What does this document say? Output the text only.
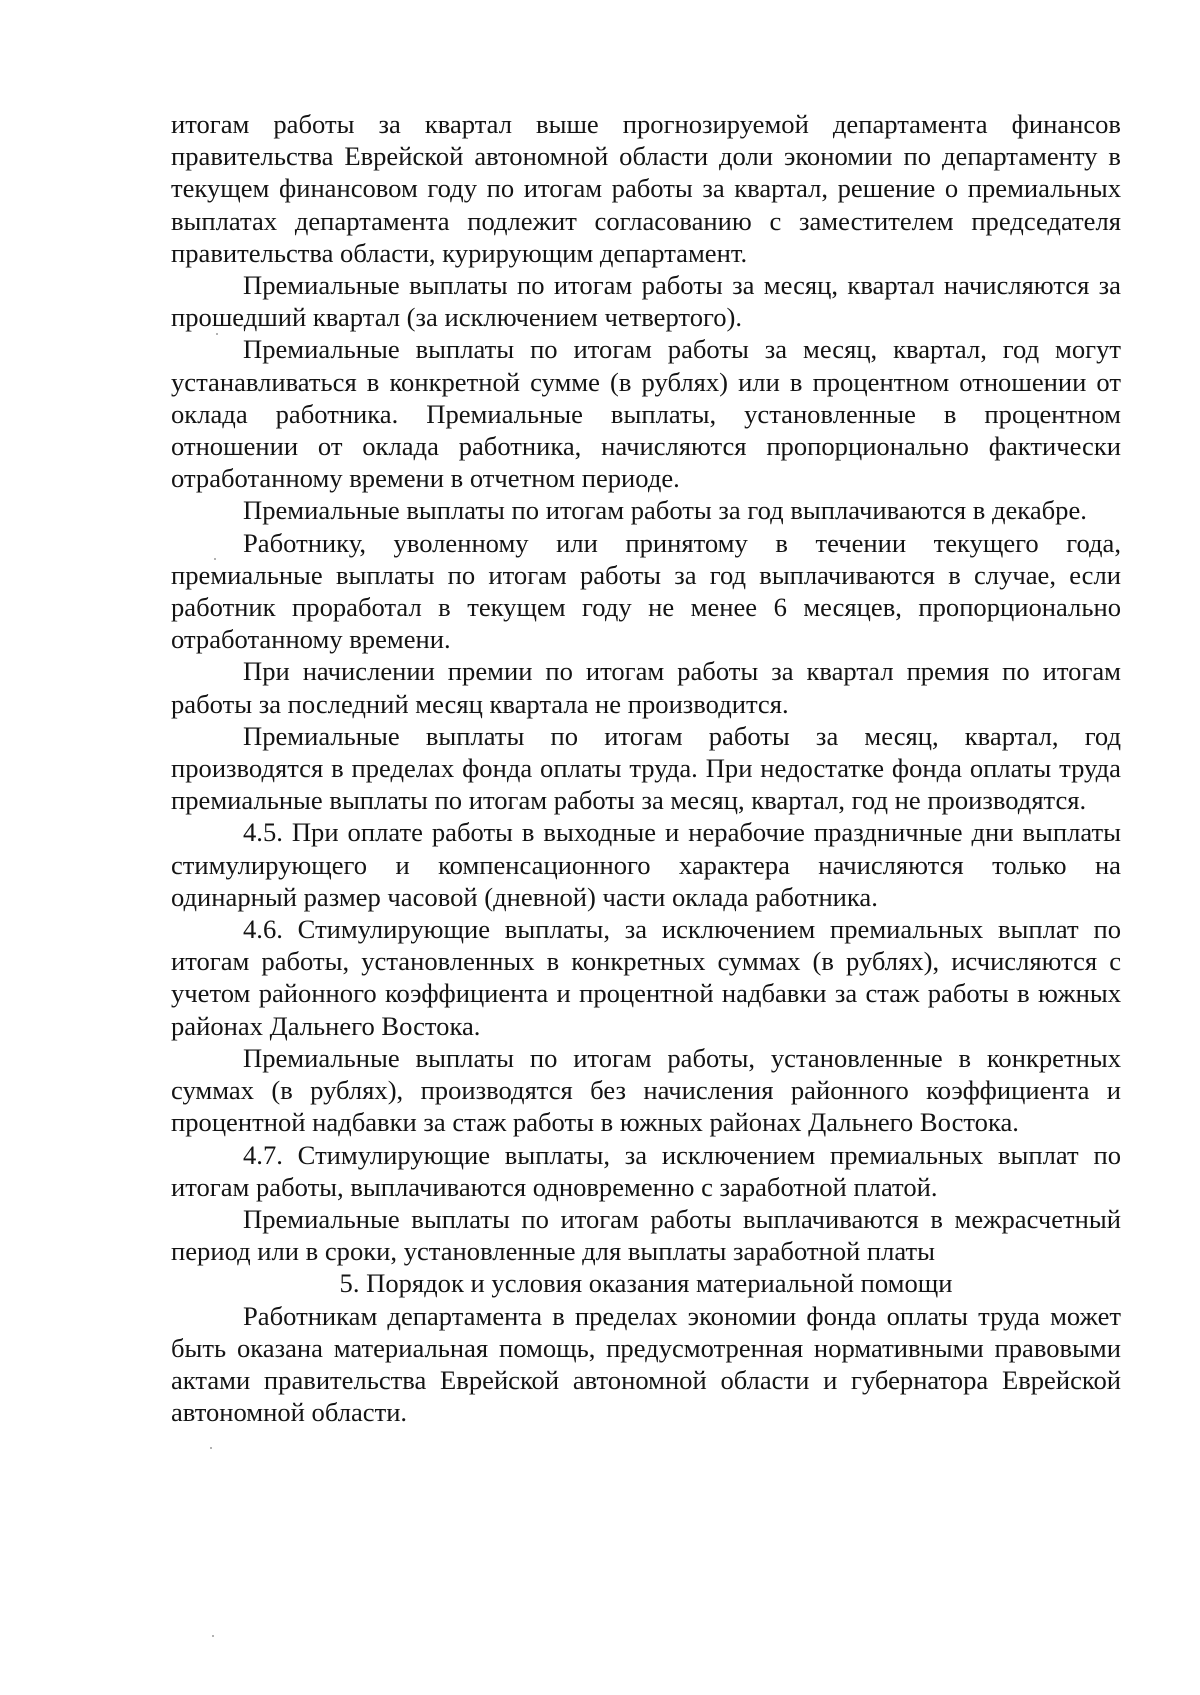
итогам работы за квартал выше прогнозируемой департамента финансов правительства Еврейской автономной области доли экономии по департаменту в текущем финансовом году по итогам работы за квартал, решение о премиальных выплатах департамента подлежит согласованию с заместителем председателя правительства области, курирующим департамент.

Премиальные выплаты по итогам работы за месяц, квартал начисляются за прошедший квартал (за исключением четвертого).

Премиальные выплаты по итогам работы за месяц, квартал, год могут устанавливаться в конкретной сумме (в рублях) или в процентном отношении от оклада работника. Премиальные выплаты, установленные в процентном отношении от оклада работника, начисляются пропорционально фактически отработанному времени в отчетном периоде.

Премиальные выплаты по итогам работы за год выплачиваются в декабре.

Работнику, уволенному или принятому в течении текущего года, премиальные выплаты по итогам работы за год выплачиваются в случае, если работник проработал в текущем году не менее 6 месяцев, пропорционально отработанному времени.

При начислении премии по итогам работы за квартал премия по итогам работы за последний месяц квартала не производится.

Премиальные выплаты по итогам работы за месяц, квартал, год производятся в пределах фонда оплаты труда. При недостатке фонда оплаты труда премиальные выплаты по итогам работы за месяц, квартал, год не производятся.

4.5. При оплате работы в выходные и нерабочие праздничные дни выплаты стимулирующего и компенсационного характера начисляются только на одинарный размер часовой (дневной) части оклада работника.

4.6. Стимулирующие выплаты, за исключением премиальных выплат по итогам работы, установленных в конкретных суммах (в рублях), исчисляются с учетом районного коэффициента и процентной надбавки за стаж работы в южных районах Дальнего Востока.

Премиальные выплаты по итогам работы, установленные в конкретных суммах (в рублях), производятся без начисления районного коэффициента и процентной надбавки за стаж работы в южных районах Дальнего Востока.

4.7. Стимулирующие выплаты, за исключением премиальных выплат по итогам работы, выплачиваются одновременно с заработной платой.

Премиальные выплаты по итогам работы выплачиваются в межрасчетный период или в сроки, установленные для выплаты заработной платы

5. Порядок и условия оказания материальной помощи

Работникам департамента в пределах экономии фонда оплаты труда может быть оказана материальная помощь, предусмотренная нормативными правовыми актами правительства Еврейской автономной области и губернатора Еврейской автономной области.
